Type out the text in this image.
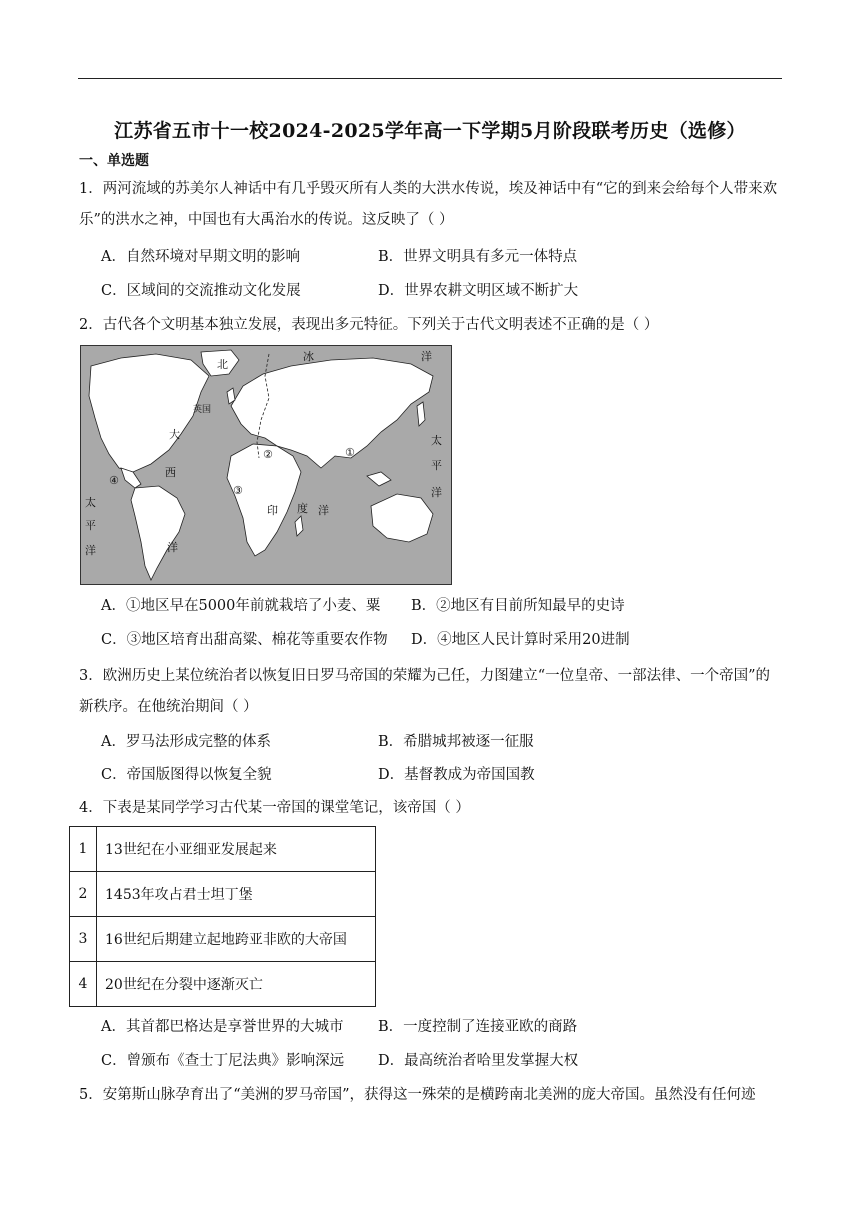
江苏省五市十一校2024-2025学年高一下学期5月阶段联考历史（选修）
一、单选题
1．两河流域的苏美尔人神话中有几乎毁灭所有人类的大洪水传说，埃及神话中有“它的到来会给每个人带来欢乐”的洪水之神，中国也有大禹治水的传说。这反映了（ ）
A．自然环境对早期文明的影响	B．世界文明具有多元一体特点
C．区域间的交流推动文化发展	D．世界农耕文明区域不断扩大
2．古代各个文明基本独立发展，表现出多元特征。下列关于古代文明表述不正确的是（ ）
北
冰	洋
大
西
洋
太
平
洋
太
平
洋
印 度 洋
英国
①
②
③
④
A．①地区早在5000年前就栽培了小麦、粟 B．②地区有目前所知最早的史诗
C．③地区培育出甜高粱、棉花等重要农作物 D．④地区人民计算时采用20进制
3．欧洲历史上某位统治者以恢复旧日罗马帝国的荣耀为己任，力图建立“一位皇帝、一部法律、一个帝国”的新秩序。在他统治期间（ ）
A．罗马法形成完整的体系	B．希腊城邦被逐一征服
C．帝国版图得以恢复全貌	D．基督教成为帝国国教
4．下表是某同学学习古代某一帝国的课堂笔记，该帝国（ ）
1	13世纪在小亚细亚发展起来
2	1453年攻占君士坦丁堡
3	16世纪后期建立起地跨亚非欧的大帝国
4	20世纪在分裂中逐渐灭亡
A．其首都巴格达是享誉世界的大城市 B．一度控制了连接亚欧的商路
C．曾颁布《查士丁尼法典》影响深远 D．最高统治者哈里发掌握大权
5．安第斯山脉孕育出了“美洲的罗马帝国”，获得这一殊荣的是横跨南北美洲的庞大帝国。虽然没有任何迹
